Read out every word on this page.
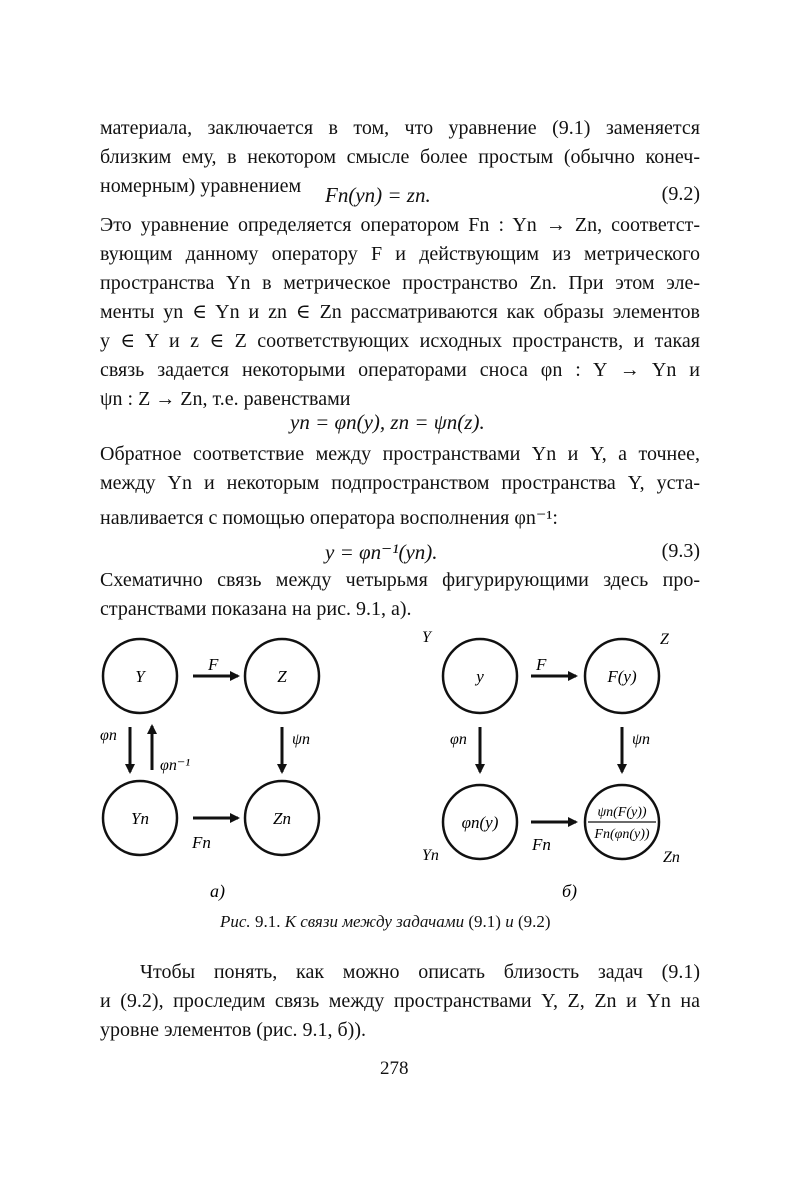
материала, заключается в том, что уравнение (9.1) заменяется
близким ему, в некотором смысле более простым (обычно конеч-
номерным) уравнением	Fn(yn) = zn.	(9.2)
Это уравнение определяется оператором Fn : Yn → Zn, соответст-
вующим данному оператору F и действующим из метрического
пространства Yn в метрическое пространство Zn. При этом эле-
менты yn ∈ Yn и zn ∈ Zn рассматриваются как образы элементов
y ∈ Y и z ∈ Z соответствующих исходных пространств, и такая
связь задается некоторыми операторами сноса φn : Y → Yn и
ψn : Z → Zn, т.е. равенствами
yn = φn(y), zn = ψn(z).
Обратное соответствие между пространствами Yn и Y, а точнее,
между Yn и некоторым подпространством пространства Y, уста-
навливается с помощью оператора восполнения φn⁻¹:
y = φn⁻¹(yn).	(9.3)
Схематично связь между четырьмя фигурирующими здесь про-
странствами показана на рис. 9.1, а).
Y	Z
Yn	Zn
F
φn
φn⁻¹
ψn
Fn
а)
Y	Z
Yn	Zn
y	F(y)
φn(y)
ψn(F(y))
Fn(φn(y))
F
φn	ψn
Fn
б)
Рис. 9.1. К связи между задачами (9.1) и (9.2)
Чтобы понять, как можно описать близость задач (9.1)
и (9.2), проследим связь между пространствами Y, Z, Zn и Yn на
уровне элементов (рис. 9.1, б)).
278
